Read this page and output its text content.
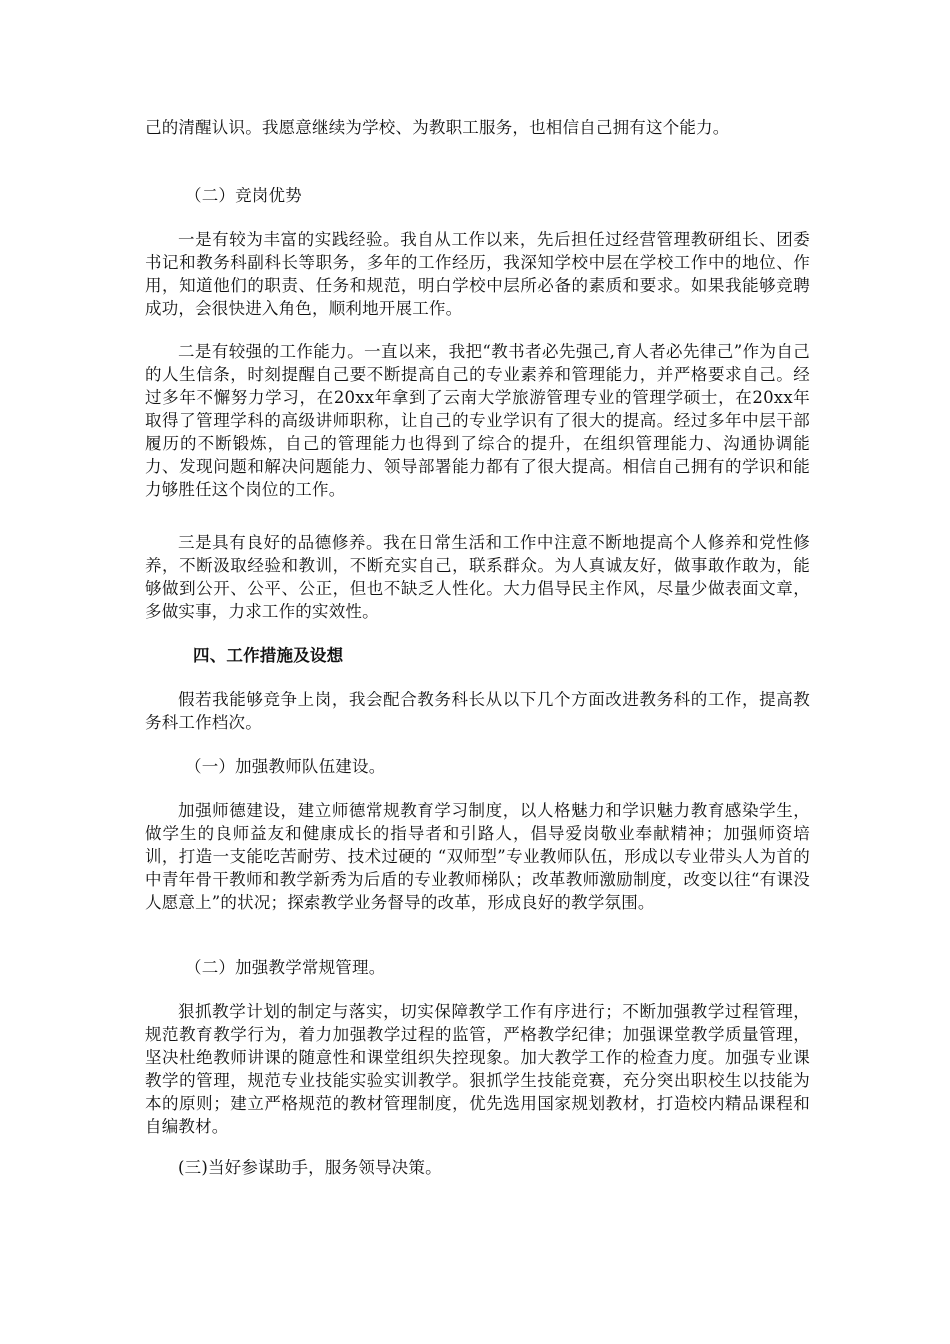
己的清醒认识。我愿意继续为学校、为教职工服务，也相信自己拥有这个能力。

（二）竞岗优势

一是有较为丰富的实践经验。我自从工作以来，先后担任过经营管理教研组长、团委书记和教务科副科长等职务，多年的工作经历，我深知学校中层在学校工作中的地位、作用，知道他们的职责、任务和规范，明白学校中层所必备的素质和要求。如果我能够竞聘成功，会很快进入角色，顺利地开展工作。

二是有较强的工作能力。一直以来，我把“教书者必先强己,育人者必先律己”作为自己的人生信条，时刻提醒自己要不断提高自己的专业素养和管理能力，并严格要求自己。经过多年不懈努力学习，在20xx年拿到了云南大学旅游管理专业的管理学硕士，在20xx年取得了管理学科的高级讲师职称，让自己的专业学识有了很大的提高。经过多年中层干部履历的不断锻炼，自己的管理能力也得到了综合的提升，在组织管理能力、沟通协调能力、发现问题和解决问题能力、领导部署能力都有了很大提高。相信自己拥有的学识和能力够胜任这个岗位的工作。

三是具有良好的品德修养。我在日常生活和工作中注意不断地提高个人修养和党性修养，不断汲取经验和教训，不断充实自己，联系群众。为人真诚友好，做事敢作敢为，能够做到公开、公平、公正，但也不缺乏人性化。大力倡导民主作风，尽量少做表面文章，多做实事，力求工作的实效性。

四、工作措施及设想

假若我能够竞争上岗，我会配合教务科长从以下几个方面改进教务科的工作，提高教务科工作档次。

（一）加强教师队伍建设。

加强师德建设，建立师德常规教育学习制度，以人格魅力和学识魅力教育感染学生，做学生的良师益友和健康成长的指导者和引路人，倡导爱岗敬业奉献精神；加强师资培训，打造一支能吃苦耐劳、技术过硬的 “双师型”专业教师队伍，形成以专业带头人为首的中青年骨干教师和教学新秀为后盾的专业教师梯队；改革教师激励制度，改变以往“有课没人愿意上”的状况；探索教学业务督导的改革，形成良好的教学氛围。

（二）加强教学常规管理。

狠抓教学计划的制定与落实，切实保障教学工作有序进行；不断加强教学过程管理，规范教育教学行为，着力加强教学过程的监管，严格教学纪律；加强课堂教学质量管理，坚决杜绝教师讲课的随意性和课堂组织失控现象。加大教学工作的检查力度。加强专业课教学的管理，规范专业技能实验实训教学。狠抓学生技能竞赛，充分突出职校生以技能为本的原则；建立严格规范的教材管理制度，优先选用国家规划教材，打造校内精品课程和自编教材。

(三)当好参谋助手，服务领导决策。
